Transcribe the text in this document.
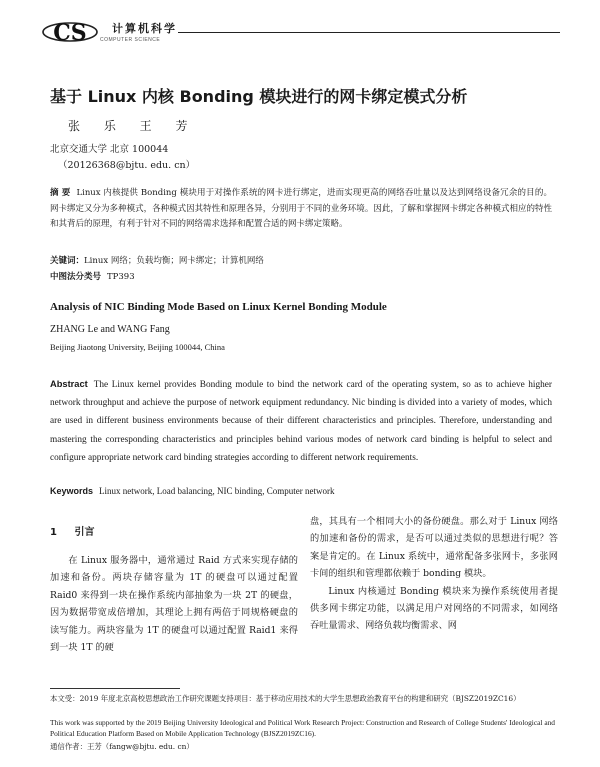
CS 计算机科学
COMPUTER SCIENCE
基于 Linux 内核 Bonding 模块进行的网卡绑定模式分析
张 乐 王 芳
北京交通大学 北京 100044
（20126368@bjtu. edu. cn）
摘 要 Linux 内核提供 Bonding 模块用于对操作系统的网卡进行绑定，进而实现更高的网络吞吐量以及达到网络设备冗余的目的。网卡绑定又分为多种模式，各种模式因其特性和原理各异，分别用于不同的业务环境。因此，了解和掌握网卡绑定各种模式相应的特性和其背后的原理，有利于针对不同的网络需求选择和配置合适的网卡绑定策略。
关键词：Linux 网络；负载均衡；网卡绑定；计算机网络
中图法分类号 TP393
Analysis of NIC Binding Mode Based on Linux Kernel Bonding Module
ZHANG Le and WANG Fang
Beijing Jiaotong University, Beijing 100044, China
Abstract The Linux kernel provides Bonding module to bind the network card of the operating system, so as to achieve higher network throughput and achieve the purpose of network equipment redundancy. Nic binding is divided into a variety of modes, which are used in different business environments because of their different characteristics and principles. Therefore, understanding and mastering the corresponding characteristics and principles behind various modes of network card binding is helpful to select and configure appropriate network card binding strategies according to different network requirements.
Keywords Linux network, Load balancing, NIC binding, Computer network
1 引言

在 Linux 服务器中，通常通过 Raid 方式来实现存储的加速和备份。两块存储容量为 1T 的硬盘可以通过配置 Raid0 来得到一块在操作系统内部抽象为一块 2T 的硬盘，因为数据带宽成倍增加，其理论上拥有两倍于同规格硬盘的读写能力。两块容量为 1T 的硬盘可以通过配置 Raid1 来得到一块 1T 的硬

盘，其具有一个相同大小的备份硬盘。那么对于 Linux 网络的加速和备份的需求，是否可以通过类似的思想进行呢？答案是肯定的。在 Linux 系统中，通常配备多张网卡，多张网卡间的组织和管理都依赖于 bonding 模块。

Linux 内核通过 Bonding 模块来为操作系统使用者提供多网卡绑定功能，以满足用户对网络的不同需求，如网络吞吐量需求、网络负载均衡需求、网

本文受：2019 年度北京高校思想政治工作研究课题支持项目：基于移动应用技术的大学生思想政治教育平台的构建和研究（BJSZ2019ZC16）
This work was supported by the 2019 Beijing University Ideological and Political Work Research Project: Construction and Research of College Students' Ideological and Political Education Platform Based on Mobile Application Technology (BJSZ2019ZC16).
通信作者：王芳（fangw@bjtu. edu. cn）
